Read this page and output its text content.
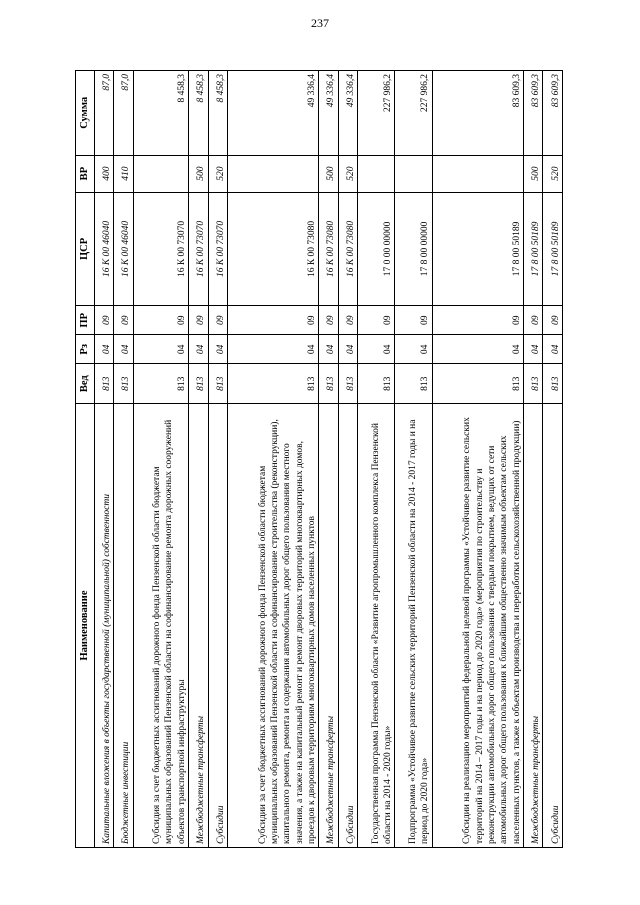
237
Наименование	Вед	Рз	ПР	ЦСР	ВР	Сумма
Капитальные вложения в объекты государственной (муниципальной) собственности	813	04	09	16 К 00 46040	400	87,0
Бюджетные инвестиции	813	04	09	16 К 00 46040	410	87,0
Субсидия за счет бюджетных ассигнований дорожного фонда Пензенской области бюджетам муниципальных образований Пензенской области на софинансирование ремонта дорожных сооружений объектов транспортной инфраструктуры	813	04	09	16 К 00 73070		8 458,3
Межбюджетные трансферты	813	04	09	16 К 00 73070	500	8 458,3
Субсидии	813	04	09	16 К 00 73070	520	8 458,3
Субсидии за счет бюджетных ассигнований дорожного фонда Пензенской области бюджетам муниципальных образований Пензенской области на софинансирование строительства (реконструкции), капитального ремонта, ремонта и содержания автомобильных дорог общего пользования местного значения, а также на капитальный ремонт и ремонт дворовых территорий многоквартирных домов, проездов к дворовым территориям многоквартирных домов населенных пунктов	813	04	09	16 К 00 73080		49 336,4
Межбюджетные трансферты	813	04	09	16 К 00 73080	500	49 336,4
Субсидии	813	04	09	16 К 00 73080	520	49 336,4
Государственная программа Пензенской области «Развитие агропромышленного комплекса Пензенской области на 2014 - 2020 годы»	813	04	09	17 0 00 00000		227 986,2
Подпрограмма «Устойчивое развитие сельских территорий Пензенской области на 2014 - 2017 годы и на период до 2020 года»	813	04	09	17 8 00 00000		227 986,2
Субсидии на реализацию мероприятий федеральной целевой программы «Устойчивое развитие сельских территорий на 2014 – 2017 годы и на период до 2020 года» (мероприятия по строительству и реконструкции автомобильных дорог общего пользования с твердым покрытием, ведущих от сети автомобильных дорог общего пользования к ближайшим общественно значимым объектам сельских населенных пунктов, а также к объектам производства и переработки сельскохозяйственной продукции)	813	04	09	17 8 00 50189		83 609,3
Межбюджетные трансферты	813	04	09	17 8 00 50189	500	83 609,3
Субсидии	813	04	09	17 8 00 50189	520	83 609,3
